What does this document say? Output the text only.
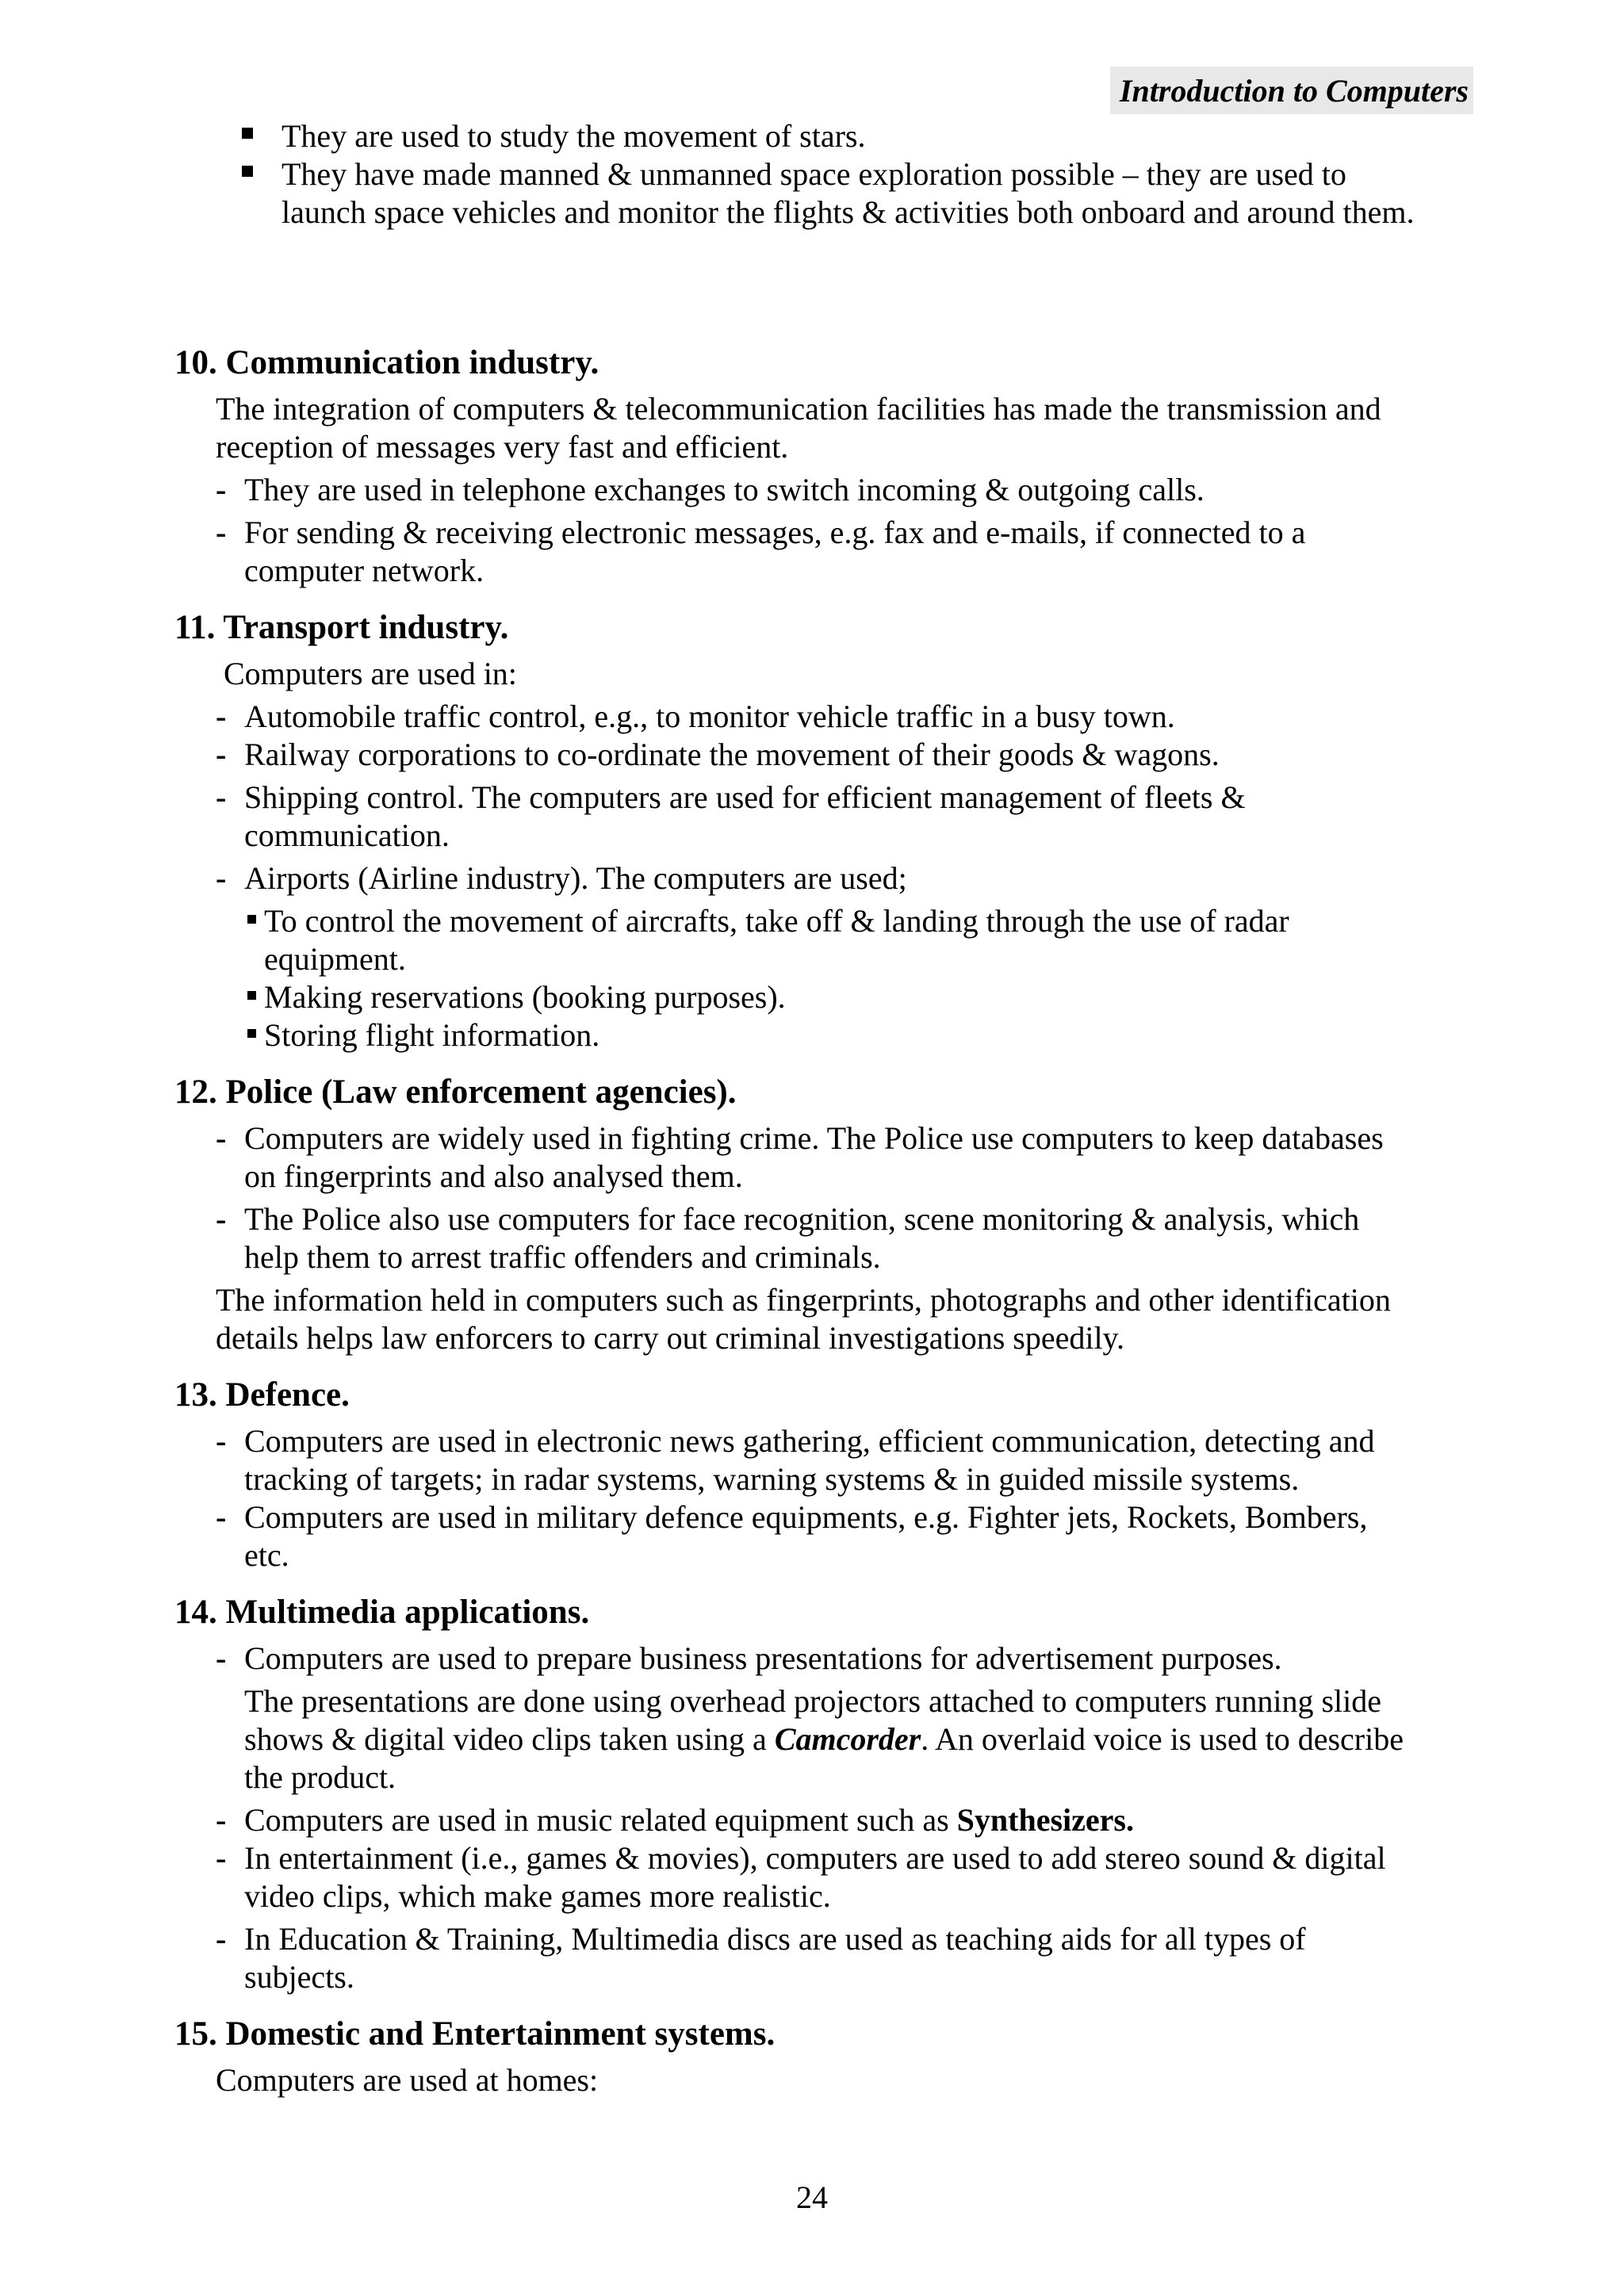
Introduction to Computers
They are used to study the movement of stars.
They have made manned & unmanned space exploration possible – they are used to
launch space vehicles and monitor the flights & activities both onboard and around them.
10. Communication industry.
The integration of computers & telecommunication facilities has made the transmission and
reception of messages very fast and efficient.
- They are used in telephone exchanges to switch incoming & outgoing calls.
- For sending & receiving electronic messages, e.g. fax and e-mails, if connected to a
computer network.
11. Transport industry.
Computers are used in:
- Automobile traffic control, e.g., to monitor vehicle traffic in a busy town.
- Railway corporations to co-ordinate the movement of their goods & wagons.
- Shipping control. The computers are used for efficient management of fleets &
communication.
- Airports (Airline industry). The computers are used;
To control the movement of aircrafts, take off & landing through the use of radar
equipment.
Making reservations (booking purposes).
Storing flight information.
12. Police (Law enforcement agencies).
- Computers are widely used in fighting crime. The Police use computers to keep databases
on fingerprints and also analysed them.
- The Police also use computers for face recognition, scene monitoring & analysis, which
help them to arrest traffic offenders and criminals.
The information held in computers such as fingerprints, photographs and other identification
details helps law enforcers to carry out criminal investigations speedily.
13. Defence.
- Computers are used in electronic news gathering, efficient communication, detecting and
tracking of targets; in radar systems, warning systems & in guided missile systems.
- Computers are used in military defence equipments, e.g. Fighter jets, Rockets, Bombers,
etc.
14. Multimedia applications.
- Computers are used to prepare business presentations for advertisement purposes.
The presentations are done using overhead projectors attached to computers running slide
shows & digital video clips taken using a Camcorder. An overlaid voice is used to describe
the product.
- Computers are used in music related equipment such as Synthesizers.
- In entertainment (i.e., games & movies), computers are used to add stereo sound & digital
video clips, which make games more realistic.
- In Education & Training, Multimedia discs are used as teaching aids for all types of
subjects.
15. Domestic and Entertainment systems.
Computers are used at homes:
24
